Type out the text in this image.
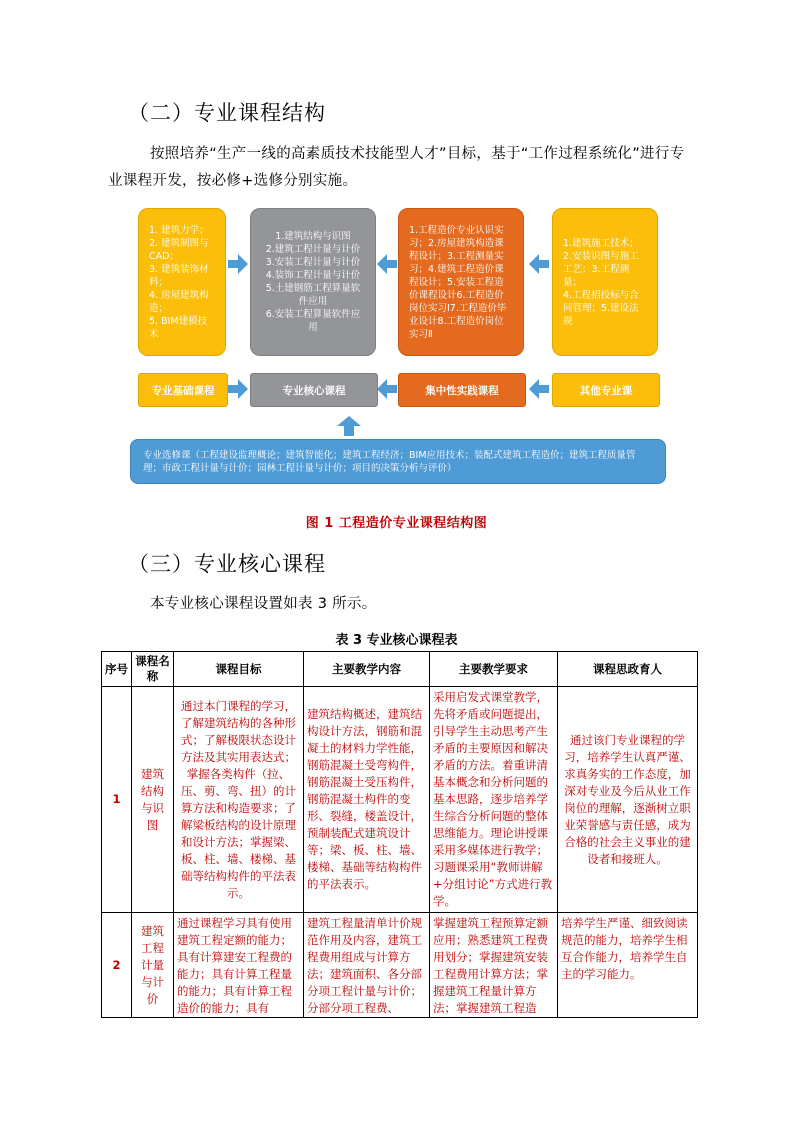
（二）专业课程结构
按照培养“生产一线的高素质技术技能型人才”目标，基于“工作过程系统化”进行专业课程开发，按必修+选修分别实施。
1. 建筑力学；
2. 建筑制图与CAD；
3. 建筑装饰材料；
4. 房屋建筑构造；
5. BIM建模技术
1.建筑结构与识图
2.建筑工程计量与计价
3.安装工程计量与计价
4.装饰工程计量与计价
5.土建钢筋工程算量软件应用
6.安装工程算量软件应用
1.工程造价专业认识实习；2.房屋建筑构造课程设计；3.工程测量实习；4.建筑工程造价课程设计；5.安装工程造价课程设计6.工程造价岗位实习Ⅰ7.工程造价毕业设计8.工程造价岗位实习Ⅱ
1.建筑施工技术；
2.安装识图与施工工艺；3.工程测量；
4.工程招投标与合同管理；5.建设法规
专业基础课程	专业核心课程	集中性实践课程	其他专业课
专业选修课（工程建设监理概论；建筑智能化；建筑工程经济；BIM应用技术；装配式建筑工程造价；建筑工程质量管理；市政工程计量与计价；园林工程计量与计价；项目的决策分析与评价）
图 1 工程造价专业课程结构图
（三）专业核心课程
本专业核心课程设置如表 3 所示。
表 3 专业核心课程表
序号	课程名称	课程目标	主要教学内容	主要教学要求	课程思政育人
1	建筑结构与识图	通过本门课程的学习，了解建筑结构的各种形式；了解极限状态设计方法及其实用表达式；掌握各类构件（拉、压、剪、弯、扭）的计算方法和构造要求；了解梁板结构的设计原理和设计方法；掌握梁、板、柱、墙、楼梯、基础等结构构件的平法表示。	建筑结构概述，建筑结构设计方法，钢筋和混凝土的材料力学性能，钢筋混凝土受弯构件，钢筋混凝土受压构件，钢筋混凝土构件的变形、裂缝，楼盖设计，预制装配式建筑设计等；梁、板、柱、墙、楼梯、基础等结构构件的平法表示。	采用启发式课堂教学，先将矛盾或问题提出，引导学生主动思考产生矛盾的主要原因和解决矛盾的方法。着重讲清基本概念和分析问题的基本思路，逐步培养学生综合分析问题的整体思维能力。理论讲授课采用多媒体进行教学；习题课采用“教师讲解+分组讨论”方式进行教学。	通过该门专业课程的学习，培养学生认真严谨、求真务实的工作态度，加深对专业及今后从业工作岗位的理解，逐渐树立职业荣誉感与责任感，成为合格的社会主义事业的建设者和接班人。
2	建筑工程计量与计价	通过课程学习具有使用建筑工程定额的能力；具有计算建安工程费的能力；具有计算工程量的能力；具有计算工程造价的能力；具有	建筑工程量清单计价规范作用及内容，建筑工程费用组成与计算方法；建筑面积、各分部分项工程计量与计价；分部分项工程费、	掌握建筑工程预算定额应用；熟悉建筑工程费用划分；掌握建筑安装工程费用计算方法；掌握建筑工程量计算方法；掌握建筑工程造	培养学生严谨、细致阅读规范的能力，培养学生相互合作能力，培养学生自主的学习能力。
